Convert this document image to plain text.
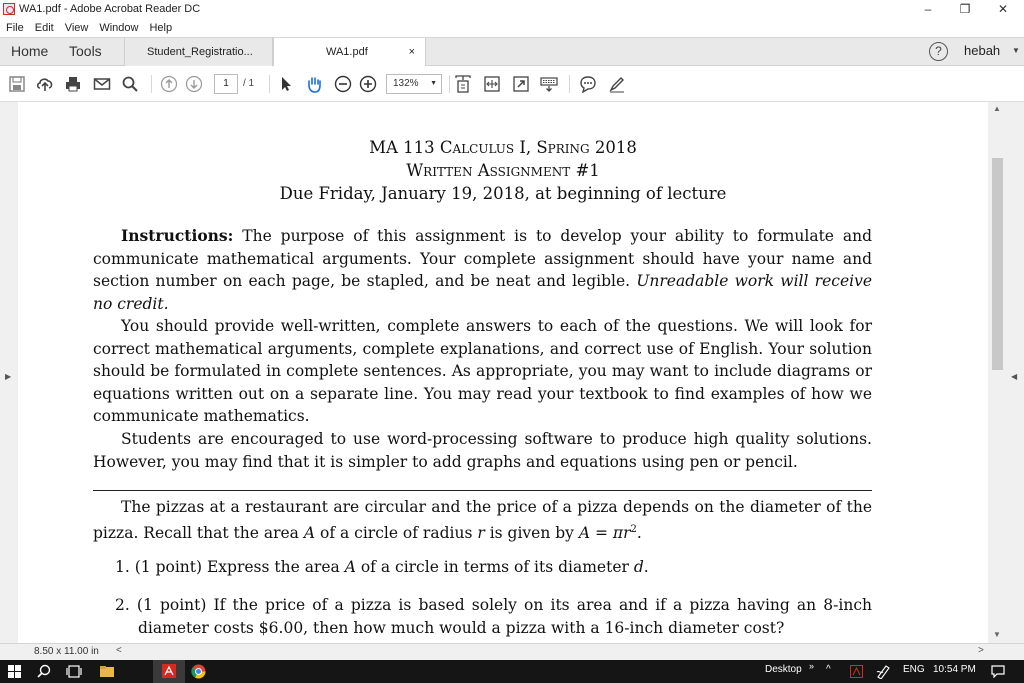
WA1.pdf - Adobe Acrobat Reader DC	–	❐	✕
File Edit View Window Help
Home Tools	Student_Registratio...	WA1.pdf	×	?	hebah ▼
1	/ 1	132% ▼
▶
MA 113 Calculus I, Spring 2018
Written Assignment #1
Due Friday, January 19, 2018, at beginning of lecture
Instructions: The purpose of this assignment is to develop your ability to formulate and communicate mathematical arguments. Your complete assignment should have your name and section number on each page, be stapled, and be neat and legible. Unreadable work will receive no credit.
You should provide well-written, complete answers to each of the questions. We will look for correct mathematical arguments, complete explanations, and correct use of English. Your solution should be formulated in complete sentences. As appropriate, you may want to include diagrams or equations written out on a separate line. You may read your textbook to find examples of how we communicate mathematics.
Students are encouraged to use word-processing software to produce high quality solutions. However, you may find that it is simpler to add graphs and equations using pen or pencil.
The pizzas at a restaurant are circular and the price of a pizza depends on the diameter of the pizza. Recall that the area A of a circle of radius r is given by $A = \pi r^2$.
1. (1 point) Express the area A of a circle in terms of its diameter d.
2. (1 point) If the price of a pizza is based solely on its area and if a pizza having an 8-inch diameter costs $6.00, then how much would a pizza with a 16-inch diameter cost?
▲
▼
◀
8.50 x 11.00 in <	>
Desktop » ^	ENG 10:54 PM
